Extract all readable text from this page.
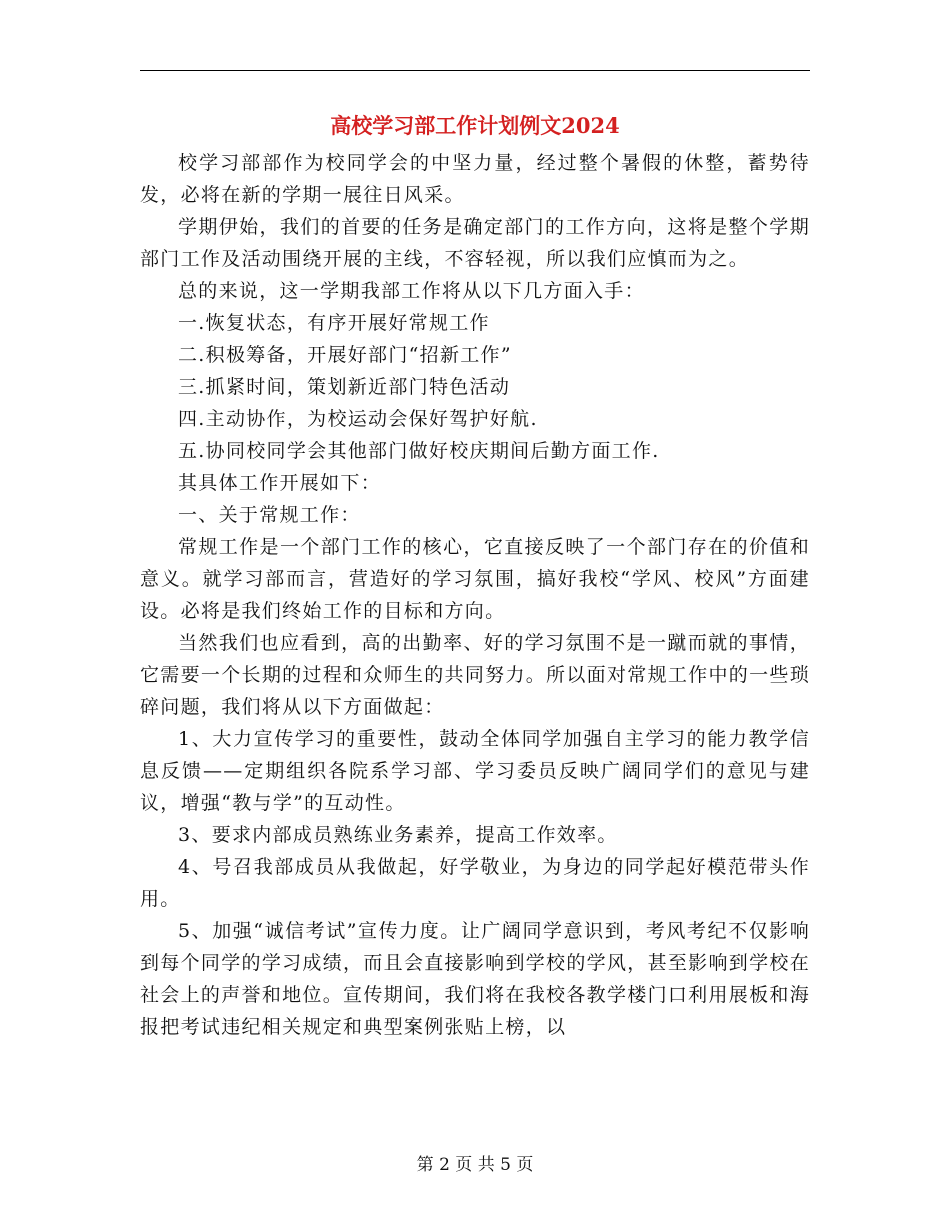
高校学习部工作计划例文2024

校学习部部作为校同学会的中坚力量，经过整个暑假的休整，蓄势待发，必将在新的学期一展往日风采。

学期伊始，我们的首要的任务是确定部门的工作方向，这将是整个学期部门工作及活动围绕开展的主线，不容轻视，所以我们应慎而为之。

总的来说，这一学期我部工作将从以下几方面入手：

一.恢复状态，有序开展好常规工作

二.积极筹备，开展好部门“招新工作”

三.抓紧时间，策划新近部门特色活动

四.主动协作，为校运动会保好驾护好航.

五.协同校同学会其他部门做好校庆期间后勤方面工作.

其具体工作开展如下：

一、关于常规工作：

常规工作是一个部门工作的核心，它直接反映了一个部门存在的价值和意义。就学习部而言，营造好的学习氛围，搞好我校“学风、校风”方面建设。必将是我们终始工作的目标和方向。

当然我们也应看到，高的出勤率、好的学习氛围不是一蹴而就的事情，它需要一个长期的过程和众师生的共同努力。所以面对常规工作中的一些琐碎问题，我们将从以下方面做起：

1、大力宣传学习的重要性，鼓动全体同学加强自主学习的能力教学信息反馈——定期组织各院系学习部、学习委员反映广阔同学们的意见与建议，增强“教与学”的互动性。

3、要求内部成员熟练业务素养，提高工作效率。

4、号召我部成员从我做起，好学敬业，为身边的同学起好模范带头作用。

5、加强“诚信考试”宣传力度。让广阔同学意识到，考风考纪不仅影响到每个同学的学习成绩，而且会直接影响到学校的学风，甚至影响到学校在社会上的声誉和地位。宣传期间，我们将在我校各教学楼门口利用展板和海报把考试违纪相关规定和典型案例张贴上榜，以

第 2 页 共 5 页
